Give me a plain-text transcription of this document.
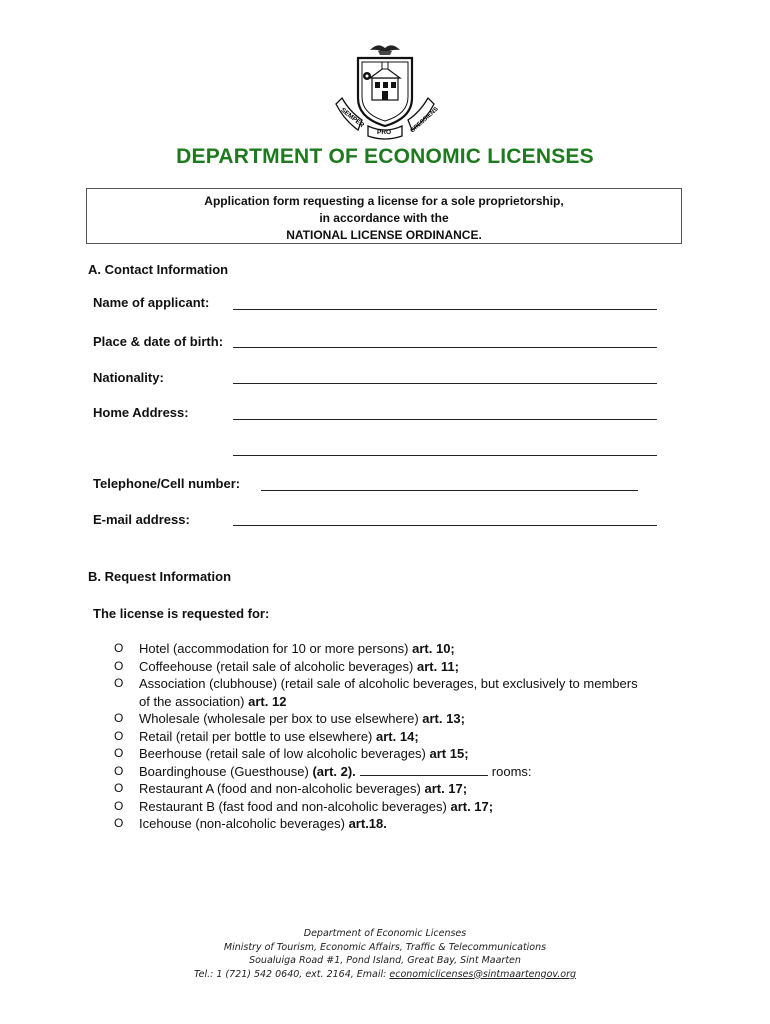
SEMPER
PRO	GRESSIENS
DEPARTMENT OF ECONOMIC LICENSES
Application form requesting a license for a sole proprietorship,
in accordance with the
NATIONAL LICENSE ORDINANCE.
A. Contact Information
Name of applicant:
Place & date of birth:
Nationality:
Home Address:
Telephone/Cell number:
E-mail address:
B. Request Information
The license is requested for:
O Hotel (accommodation for 10 or more persons) art. 10;
O Coffeehouse (retail sale of alcoholic beverages) art. 11;
O Association (clubhouse) (retail sale of alcoholic beverages, but exclusively to members of the association) art. 12
O Wholesale (wholesale per box to use elsewhere) art. 13;
O Retail (retail per bottle to use elsewhere) art. 14;
O Beerhouse (retail sale of low alcoholic beverages) art 15;
O Boardinghouse (Guesthouse) (art. 2).	rooms:
O Restaurant A (food and non-alcoholic beverages) art. 17;
O Restaurant B (fast food and non-alcoholic beverages) art. 17;
O Icehouse (non-alcoholic beverages) art.18.
Department of Economic Licenses
Ministry of Tourism, Economic Affairs, Traffic & Telecommunications
Soualuiga Road #1, Pond Island, Great Bay, Sint Maarten
Tel.: 1 (721) 542 0640, ext. 2164, Email: economiclicenses@sintmaartengov.org
